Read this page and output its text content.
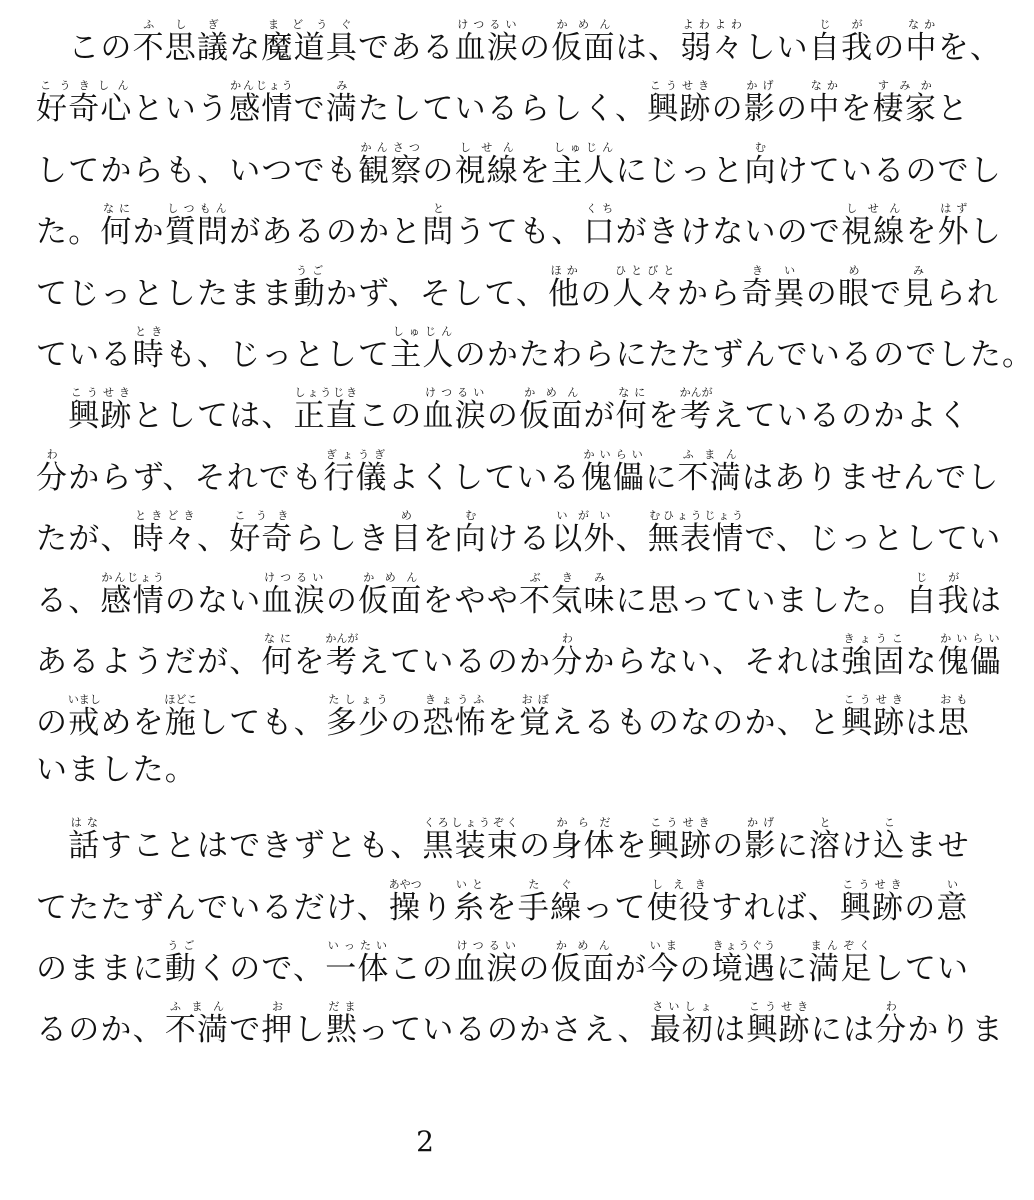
　この不思議ふしぎな魔道具まどうぐである血涙けつるいの仮面かめんは、弱々よわよわしい自我じがの中なかを、
好奇心こうきしんという感情かんじょうで満みたしているらしく、興跡こうせきの影かげの中なかを棲家すみかと
してからも、いつでも観察かんさつの視線しせんを主人しゅじんにじっと向むけているのでし
た。何なにか質問しつもんがあるのかと問とうても、口くちがきけないので視線しせんを外はずし
てじっとしたまま動うごかず、そして、他ほかの人々ひとびとから奇異きいの眼めで見みられ
ている時ときも、じっとして主人しゅじんのかたわらにたたずんでいるのでした。
　興跡こうせきとしては、正直しょうじきこの血涙けつるいの仮面かめんが何なにを考かんがえているのかよく
分わからず、それでも行儀ぎょうぎよくしている傀儡かいらいに不満ふまんはありませんでし
たが、時々ときどき、好奇こうきらしき目めを向むける以外いがい、無表情むひょうじょうで、じっとしてい
る、感情かんじょうのない血涙けつるいの仮面かめんをやや不気味ぶきみに思っていました。自我じがは
あるようだが、何なにを考かんがえているのか分わからない、それは強固きょうこな傀儡かいらい
の戒いましめを施ほどこしても、多少たしょうの恐怖きょうふを覚おぼえるものなのか、と興跡こうせきは思おも
いました。
　話はなすことはできずとも、黒装束くろしょうぞくの身体からだを興跡こうせきの影かげに溶とけ込こませ
てたたずんでいるだけ、操あやつり糸いとを手繰たぐって使役しえきすれば、興跡こうせきの意い
のままに動うごくので、一体いったいこの血涙けつるいの仮面かめんが今いまの境遇きょうぐうに満足まんぞくしてい
るのか、不満ふまんで押おし黙だまっているのかさえ、最初さいしょは興跡こうせきには分わかりま
2
